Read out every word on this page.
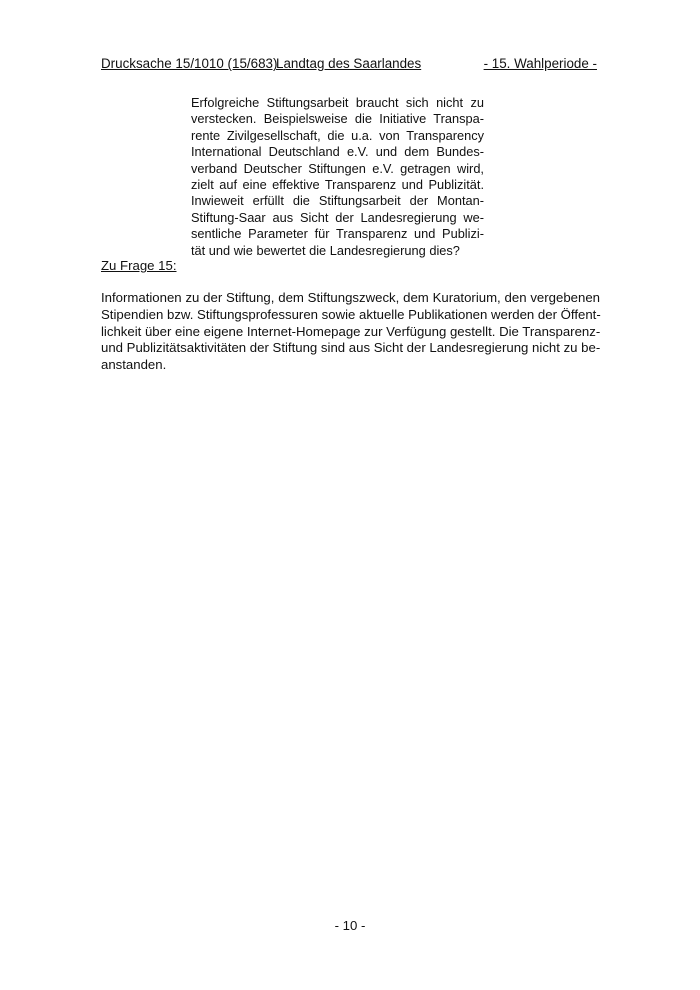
Drucksache 15/1010 (15/683)
Landtag des Saarlandes	- 15. Wahlperiode -
Erfolgreiche Stiftungsarbeit braucht sich nicht zu
verstecken. Beispielsweise die Initiative Transpa-
rente Zivilgesellschaft, die u.a. von Transparency
International Deutschland e.V. und dem Bundes-
verband Deutscher Stiftungen e.V. getragen wird,
zielt auf eine effektive Transparenz und Publizität.
Inwieweit erfüllt die Stiftungsarbeit der Montan-
Stiftung-Saar aus Sicht der Landesregierung we-
sentliche Parameter für Transparenz und Publizi-
tät und wie bewertet die Landesregierung dies?
Zu Frage 15:
Informationen zu der Stiftung, dem Stiftungszweck, dem Kuratorium, den vergebenen
Stipendien bzw. Stiftungsprofessuren sowie aktuelle Publikationen werden der Öffent-
lichkeit über eine eigene Internet-Homepage zur Verfügung gestellt. Die Transparenz-
und Publizitätsaktivitäten der Stiftung sind aus Sicht der Landesregierung nicht zu be-
anstanden.
- 10 -
